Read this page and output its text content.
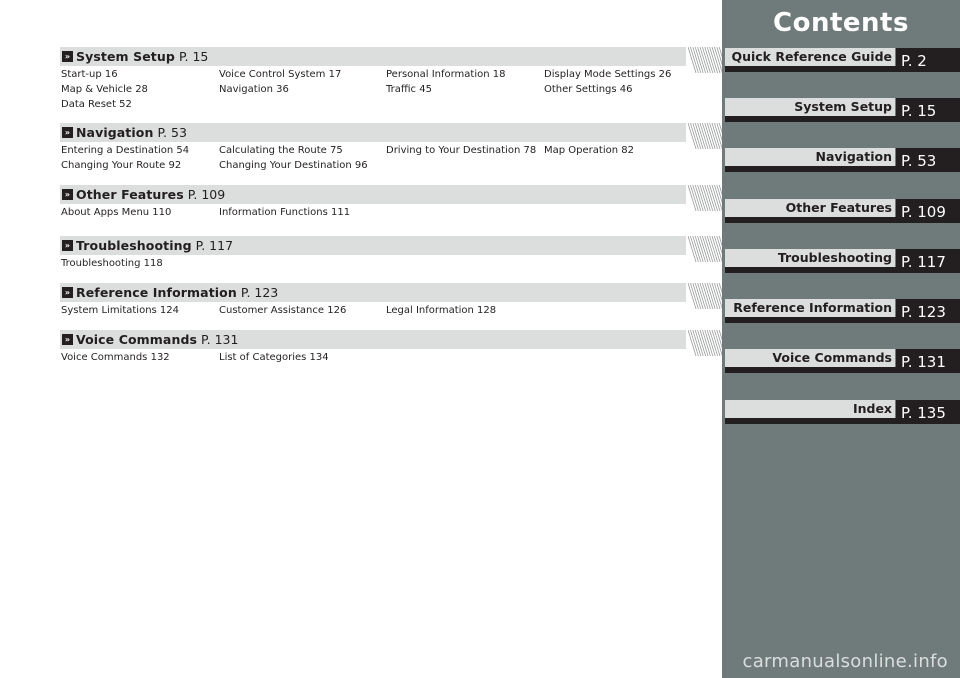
» System Setup P. 15
Start-up 16	Voice Control System 17	Personal Information 18	Display Mode Settings 26
Map & Vehicle 28	Navigation 36	Traffic 45	Other Settings 46
Data Reset 52
» Navigation P. 53
Entering a Destination 54	Calculating the Route 75	Driving to Your Destination 78 Map Operation 82
Changing Your Route 92	Changing Your Destination 96
» Other Features P. 109
About Apps Menu 110	Information Functions 111
» Troubleshooting P. 117
Troubleshooting 118
» Reference Information P. 123
System Limitations 124	Customer Assistance 126	Legal Information 128
» Voice Commands P. 131
Voice Commands 132	List of Categories 134
Contents
Quick Reference Guide P. 2
System Setup P. 15
Navigation P. 53
Other Features P. 109
Troubleshooting P. 117
Reference Information P. 123
Voice Commands P. 131
Index P. 135
carmanualsonline.info
